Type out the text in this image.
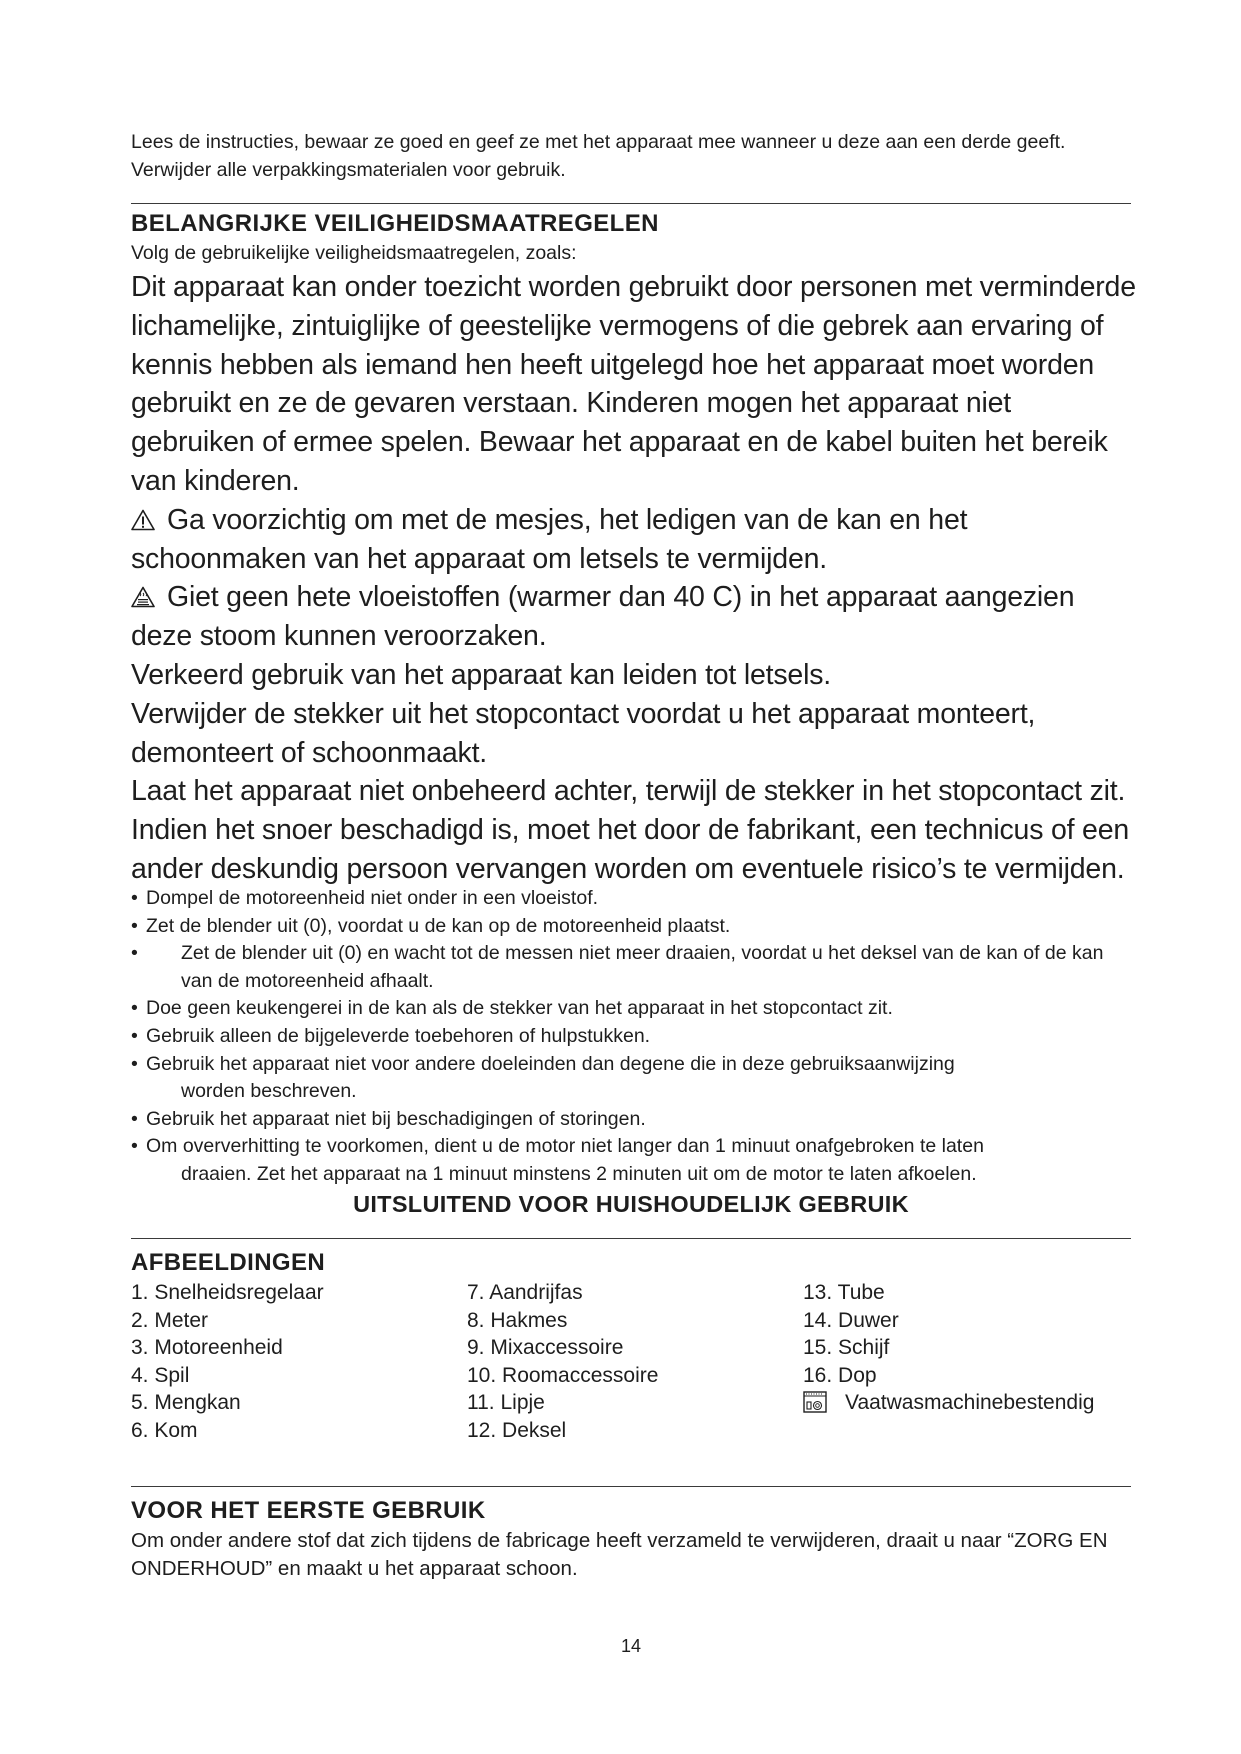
Lees de instructies, bewaar ze goed en geef ze met het apparaat mee wanneer u deze aan een derde geeft. Verwijder alle verpakkingsmaterialen voor gebruik.

BELANGRIJKE VEILIGHEIDSMAATREGELEN

Volg de gebruikelijke veiligheidsmaatregelen, zoals:

Dit apparaat kan onder toezicht worden gebruikt door personen met verminderde lichamelijke, zintuiglijke of geestelijke vermogens of die gebrek aan ervaring of kennis hebben als iemand hen heeft uitgelegd hoe het apparaat moet worden gebruikt en ze de gevaren verstaan. Kinderen mogen het apparaat niet gebruiken of ermee spelen. Bewaar het apparaat en de kabel buiten het bereik van kinderen.

Ga voorzichtig om met de mesjes, het ledigen van de kan en het schoonmaken van het apparaat om letsels te vermijden.

Giet geen hete vloeistoffen (warmer dan 40 C) in het apparaat aangezien deze stoom kunnen veroorzaken.

Verkeerd gebruik van het apparaat kan leiden tot letsels.

Verwijder de stekker uit het stopcontact voordat u het apparaat monteert, demonteert of schoonmaakt.

Laat het apparaat niet onbeheerd achter, terwijl de stekker in het stopcontact zit.

Indien het snoer beschadigd is, moet het door de fabrikant, een technicus of een ander deskundig persoon vervangen worden om eventuele risico’s te vermijden.

• Dompel de motoreenheid niet onder in een vloeistof.
• Zet de blender uit (0), voordat u de kan op de motoreenheid plaatst.
•	Zet de blender uit (0) en wacht tot de messen niet meer draaien, voordat u het deksel van de kan of de kan van de motoreenheid afhaalt.
• Doe geen keukengerei in de kan als de stekker van het apparaat in het stopcontact zit.
• Gebruik alleen de bijgeleverde toebehoren of hulpstukken.
• Gebruik het apparaat niet voor andere doeleinden dan degene die in deze gebruiksaanwijzing
worden beschreven.
• Gebruik het apparaat niet bij beschadigingen of storingen.
• Om oververhitting te voorkomen, dient u de motor niet langer dan 1 minuut onafgebroken te laten
draaien. Zet het apparaat na 1 minuut minstens 2 minuten uit om de motor te laten afkoelen.
UITSLUITEND VOOR HUISHOUDELIJK GEBRUIK
AFBEELDINGEN
1. Snelheidsregelaar
2. Meter
3. Motoreenheid
4. Spil
5. Mengkan
6. Kom
7. Aandrijfas
8. Hakmes
9. Mixaccessoire
10. Roomaccessoire
11. Lipje
12. Deksel
13. Tube
14. Duwer
15. Schijf
16. Dop
Vaatwasmachinebestendig
VOOR HET EERSTE GEBRUIK

Om onder andere stof dat zich tijdens de fabricage heeft verzameld te verwijderen, draait u naar “ZORG EN ONDERHOUD” en maakt u het apparaat schoon.

14
